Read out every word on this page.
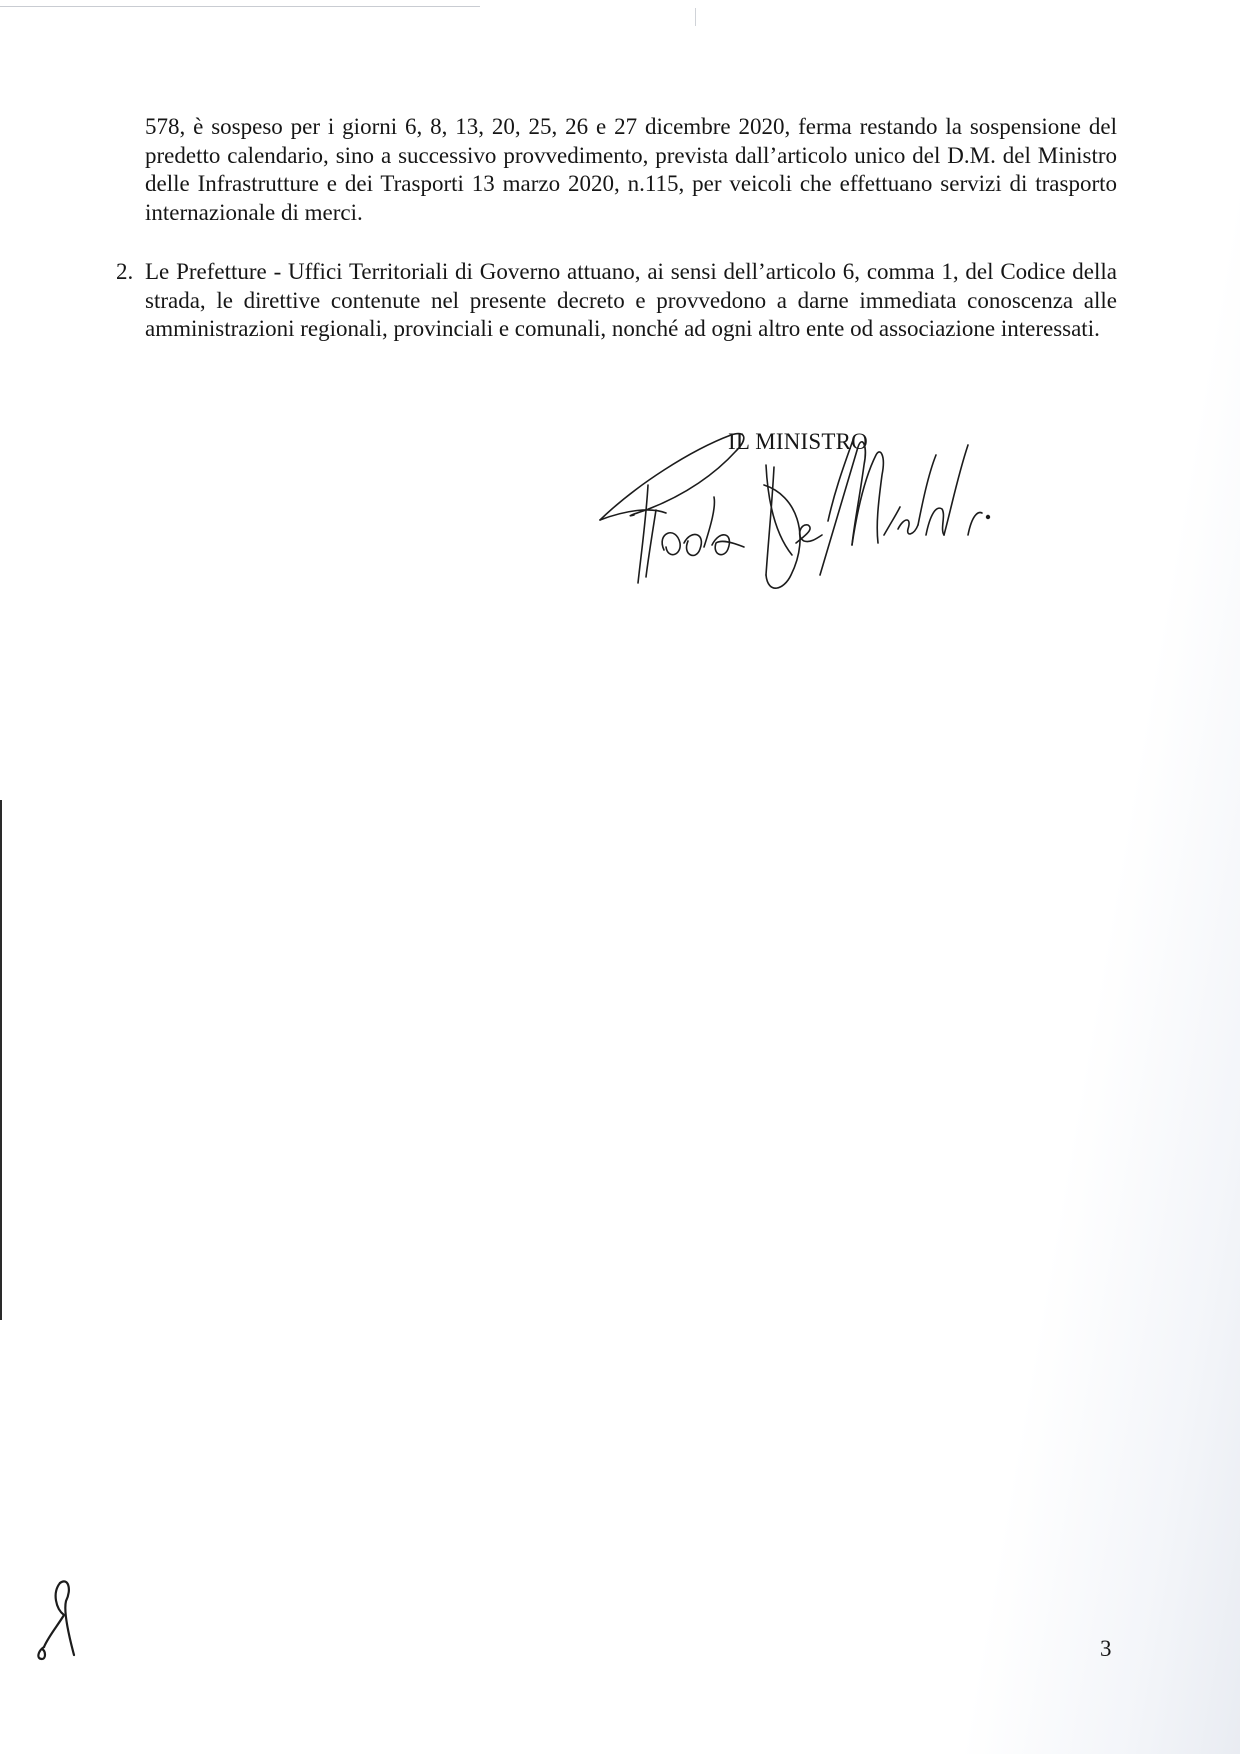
578, è sospeso per i giorni 6, 8, 13, 20, 25, 26 e 27 dicembre 2020, ferma restando la sospensione del predetto calendario, sino a successivo provvedimento, prevista dall’articolo unico del D.M. del Ministro delle Infrastrutture e dei Trasporti 13 marzo 2020, n.115, per veicoli che effettuano servizi di trasporto internazionale di merci.

2. Le Prefetture - Uffici Territoriali di Governo attuano, ai sensi dell’articolo 6, comma 1, del Codice della strada, le direttive contenute nel presente decreto e provvedono a darne immediata conoscenza alle amministrazioni regionali, provinciali e comunali, nonché ad ogni altro ente od associazione interessati.

IL MINISTRO
3
